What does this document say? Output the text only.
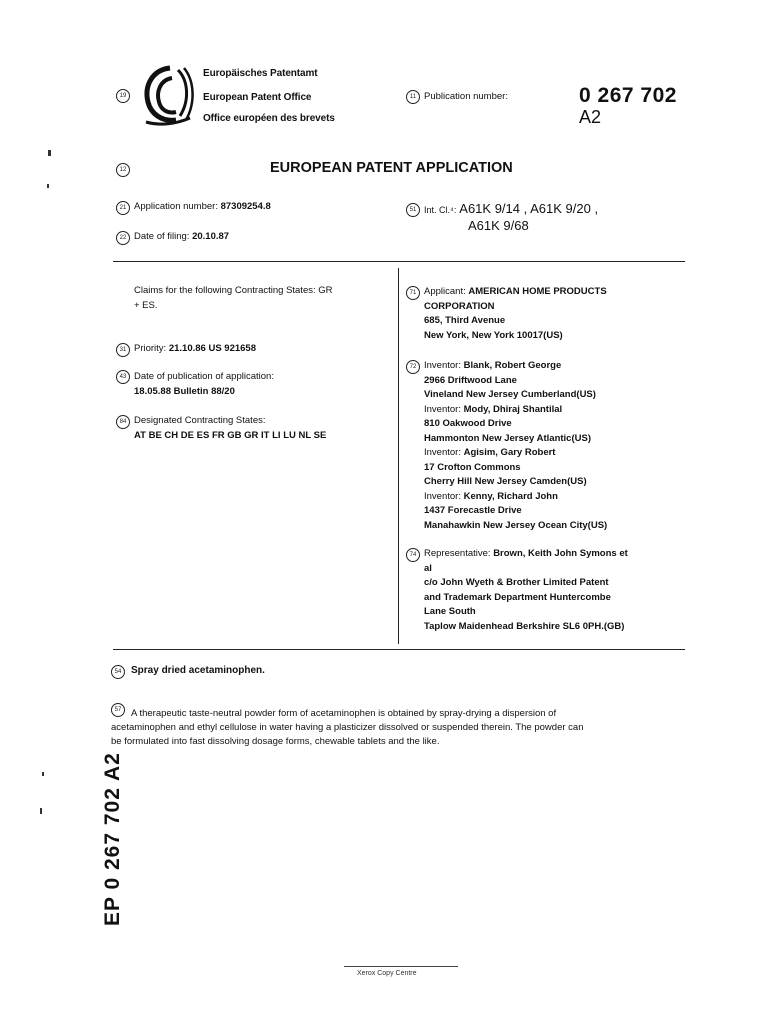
19
Europäisches Patentamt
European Patent Office
Office européen des brevets
11 Publication number:	0 267 702
A2
12	EUROPEAN PATENT APPLICATION
21 Application number: 87309254.8
22 Date of filing: 20.10.87
51 Int. Cl.⁴: A61K 9/14 , A61K 9/20 ,
A61K 9/68
Claims for the following Contracting States: GR
+ ES.
31 Priority: 21.10.86 US 921658
43 Date of publication of application:
18.05.88 Bulletin 88/20
84 Designated Contracting States:
AT BE CH DE ES FR GB GR IT LI LU NL SE
71 Applicant: AMERICAN HOME PRODUCTS
CORPORATION
685, Third Avenue
New York, New York 10017(US)
72 Inventor: Blank, Robert George
2966 Driftwood Lane
Vineland New Jersey Cumberland(US)
Inventor: Mody, Dhiraj Shantilal
810 Oakwood Drive
Hammonton New Jersey Atlantic(US)
Inventor: Agisim, Gary Robert
17 Crofton Commons
Cherry Hill New Jersey Camden(US)
Inventor: Kenny, Richard John
1437 Forecastle Drive
Manahawkin New Jersey Ocean City(US)
74 Representative: Brown, Keith John Symons et
al
c/o John Wyeth & Brother Limited Patent
and Trademark Department Huntercombe
Lane South
Taplow Maidenhead Berkshire SL6 0PH.(GB)
54 Spray dried acetaminophen.
57	A therapeutic taste-neutral powder form of acetaminophen is obtained by spray-drying a dispersion of
acetaminophen and ethyl cellulose in water having a plasticizer dissolved or suspended therein. The powder can
be formulated into fast dissolving dosage forms, chewable tablets and the like.
EP 0 267 702 A2
Xerox Copy Centre
